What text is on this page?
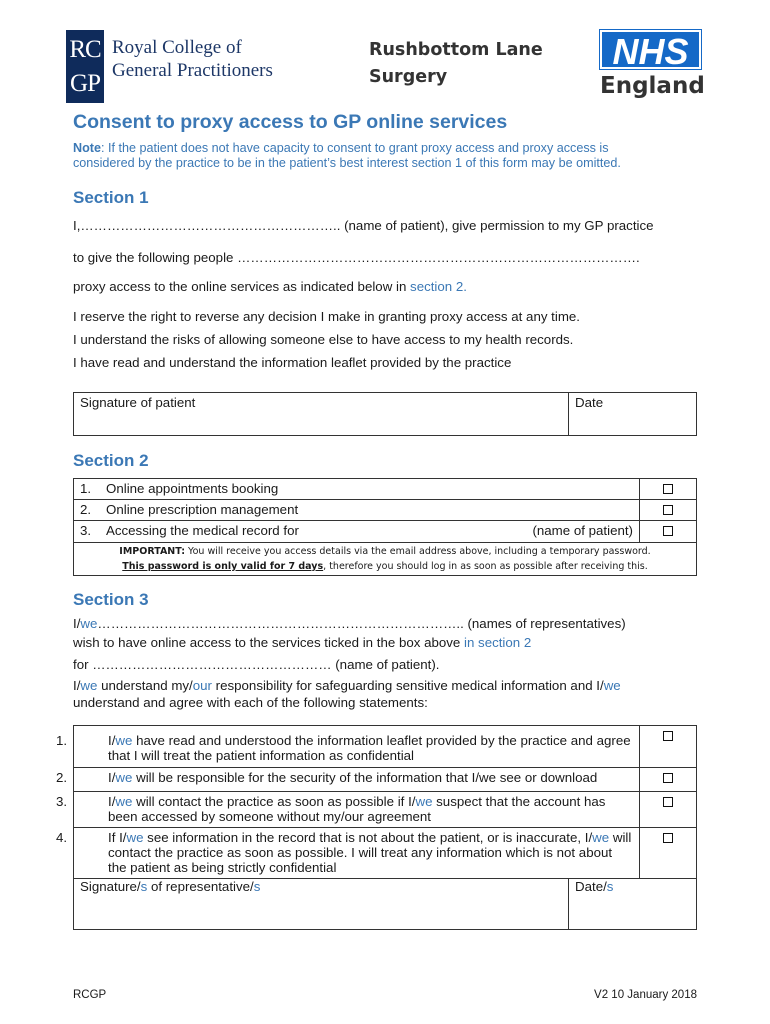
RC
GP
Royal College of
General Practitioners
Rushbottom Lane
Surgery
NHS
England
Consent to proxy access to GP online services
Note: If the patient does not have capacity to consent to grant proxy access and proxy access is
considered by the practice to be in the patient’s best interest section 1 of this form may be omitted.
Section 1
I,………………………………………………….. (name of patient), give permission to my GP practice
to give the following people ……………………………………………………………………………….
proxy access to the online services as indicated below in section 2.
I reserve the right to reverse any decision I make in granting proxy access at any time.
I understand the risks of allowing someone else to have access to my health records.
I have read and understand the information leaflet provided by the practice
Signature of patient	Date
Section 2
1. Online appointments booking	
2. Online prescription management	
3. Accessing the medical record for (name of patient)	

IMPORTANT: You will receive you access details via the email address above, including a temporary password.
This password is only valid for 7 days, therefore you should log in as soon as possible after receiving this.	
Section 3
I/we……………………………………………………………………….. (names of representatives)
wish to have online access to the services ticked in the box above in section 2
for ……………………………………………… (name of patient).
I/we understand my/our responsibility for safeguarding sensitive medical information and I/we
understand and agree with each of the following statements:
1. I/we have read and understood the information leaflet provided by the practice and agree that I will treat the patient information as confidential	
2. I/we will be responsible for the security of the information that I/we see or download	
3. I/we will contact the practice as soon as possible if I/we suspect that the account has been accessed by someone without my/our agreement	
4. If I/we see information in the record that is not about the patient, or is inaccurate, I/we will contact the practice as soon as possible. I will treat any information which is not about the patient as being strictly confidential	
Signature/s of representative/s	Date/s
RCGP	V2 10 January 2018
